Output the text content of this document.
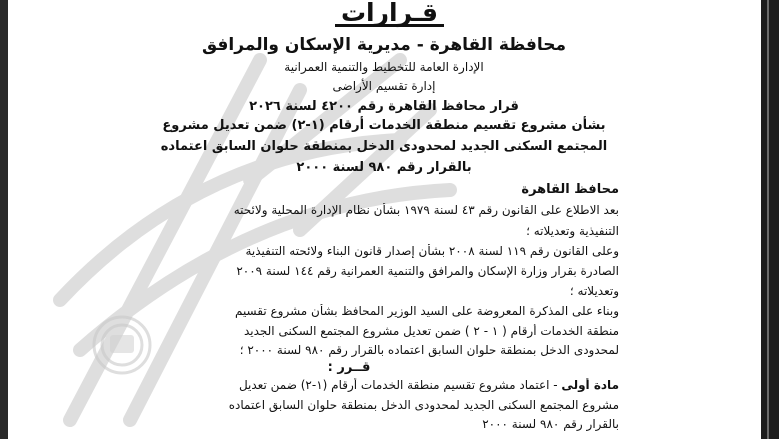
قـرارات
محافظة القاهرة - مديرية الإسكان والمرافق
الإدارة العامة للتخطيط والتنمية العمرانية
إدارة تقسيم الأراضى
قرار محافظ القاهرة رقم ٤٢٠٠ لسنة ٢٠٢٦
بشأن مشروع تقسيم منطقة الخدمات أرقام (١-٢) ضمن تعديل مشروع
المجتمع السكنى الجديد لمحدودى الدخل بمنطقة حلوان السابق اعتماده
بالقرار رقم ٩٨٠ لسنة ٢٠٠٠
محافظ القاهرة
بعد الاطلاع على القانون رقم ٤٣ لسنة ١٩٧٩ بشأن نظام الإدارة المحلية ولائحته
التنفيذية وتعديلاته ؛
وعلى القانون رقم ١١٩ لسنة ٢٠٠٨ بشأن إصدار قانون البناء ولائحته التنفيذية
الصادرة بقرار وزارة الإسكان والمرافق والتنمية العمرانية رقم ١٤٤ لسنة ٢٠٠٩
وتعديلاته ؛
وبناء على المذكرة المعروضة على السيد الوزير المحافظ بشأن مشروع تقسيم
منطقة الخدمات أرقام ( ١ - ٢ ) ضمن تعديل مشروع المجتمع السكنى الجديد
لمحدودى الدخل بمنطقة حلوان السابق اعتماده بالقرار رقم ٩٨٠ لسنة ٢٠٠٠ ؛
قــرر :
مادة أولى - اعتماد مشروع تقسيم منطقة الخدمات أرقام (١-٢) ضمن تعديل
مشروع المجتمع السكنى الجديد لمحدودى الدخل بمنطقة حلوان السابق اعتماده
بالقرار رقم ٩٨٠ لسنة ٢٠٠٠
